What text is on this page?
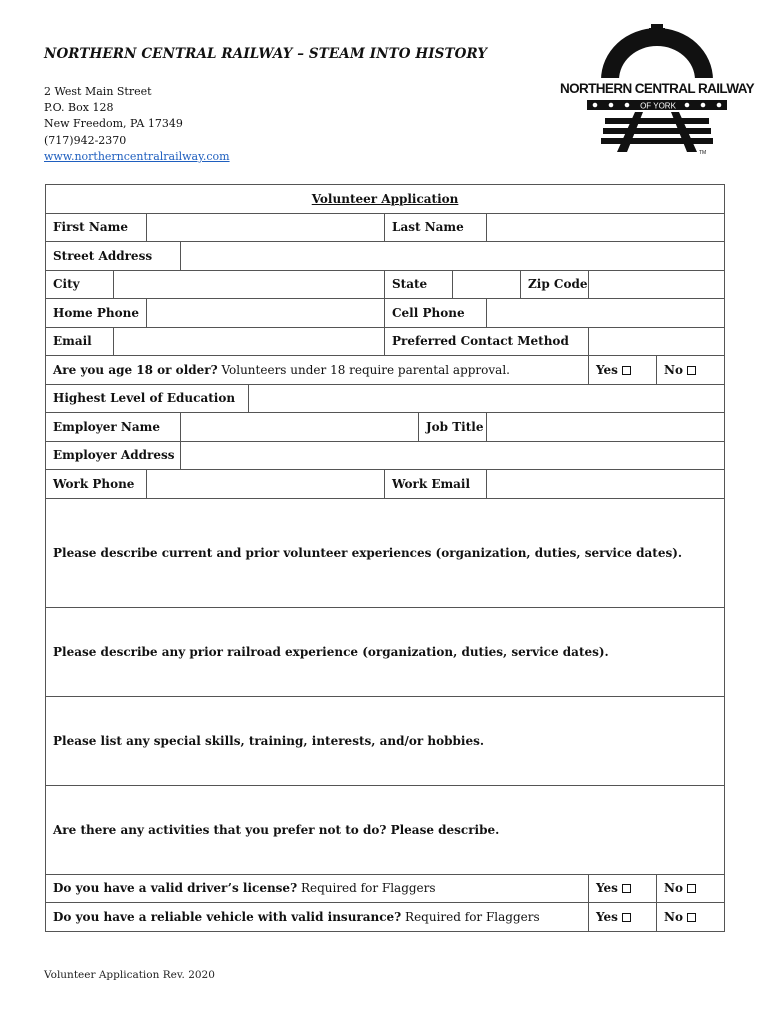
NORTHERN CENTRAL RAILWAY – STEAM INTO HISTORY
2 West Main Street
P.O. Box 128
New Freedom, PA 17349
(717)942-2370
www.northerncentralrailway.com
NORTHERN CENTRAL RAILWAY
OF YORK
TM
Volunteer Application											
First Name					Last Name						
Street Address											
City					State				Zip Code		
Home Phone					Cell Phone						
Email					Preferred Contact Method						
Are you age 18 or older? Volunteers under 18 require parental approval.										Yes	No
Highest Level of Education											
Employer Name						Job Title					
Employer Address											
Work Phone					Work Email						
Please describe current and prior volunteer experiences (organization, duties, service dates).											
Please describe any prior railroad experience (organization, duties, service dates).											
Please list any special skills, training, interests, and/or hobbies.											
Are there any activities that you prefer not to do? Please describe.											
Do you have a valid driver’s license? Required for Flaggers										Yes	No
Do you have a reliable vehicle with valid insurance? Required for Flaggers										Yes	No
Volunteer Application Rev. 2020
